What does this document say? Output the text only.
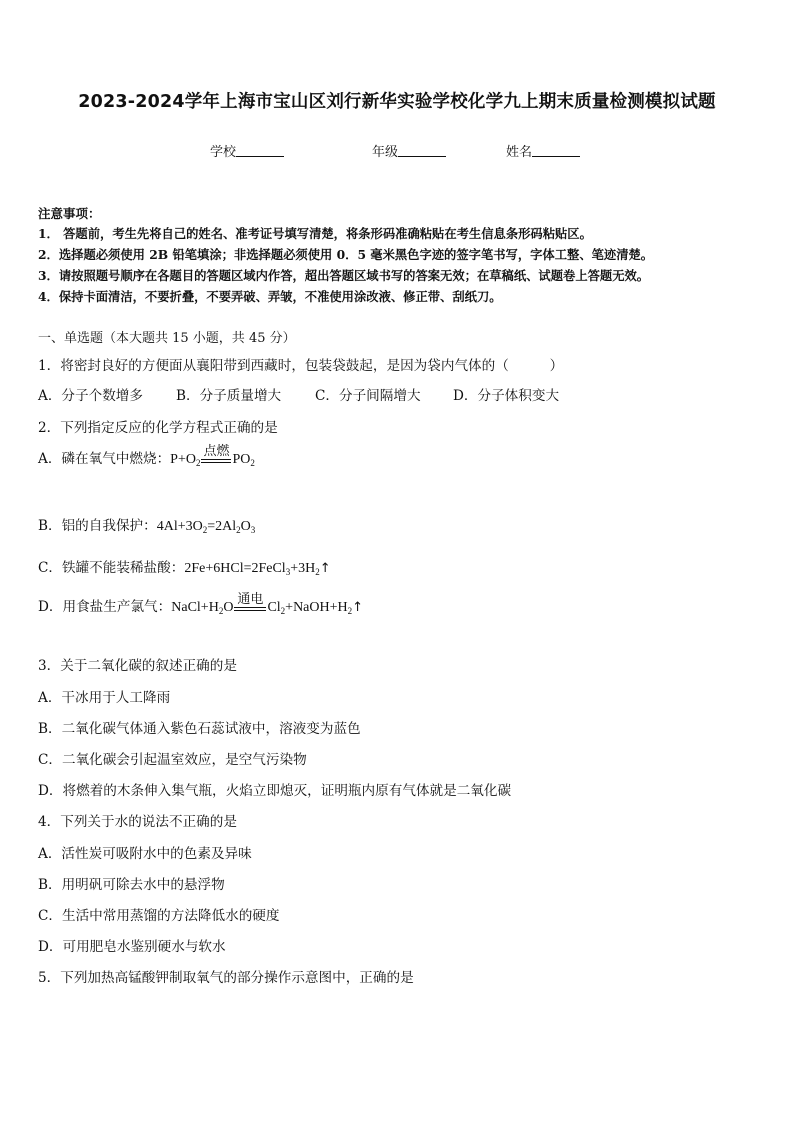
2023-2024学年上海市宝山区刘行新华实验学校化学九上期末质量检测模拟试题
学校	年级	姓名
注意事项：
1． 答题前，考生先将自己的姓名、准考证号填写清楚，将条形码准确粘贴在考生信息条形码粘贴区。
2．选择题必须使用 2B 铅笔填涂；非选择题必须使用 0．5 毫米黑色字迹的签字笔书写，字体工整、笔迹清楚。
3．请按照题号顺序在各题目的答题区域内作答，超出答题区域书写的答案无效；在草稿纸、试题卷上答题无效。
4．保持卡面清洁，不要折叠，不要弄破、弄皱，不准使用涂改液、修正带、刮纸刀。
一、单选题（本大题共 15 小题，共 45 分）
1．将密封良好的方便面从襄阳带到西藏时，包装袋鼓起，是因为袋内气体的（　　　）
A．分子个数增多 B．分子质量增大 C．分子间隔增大 D．分子体积变大
2．下列指定反应的化学方程式正确的是
A．磷在氧气中燃烧：$P+O_2$
点燃
$PO_2$
B．铝的自我保护：$4Al+3O_2=2Al_2O_3$
C．铁罐不能装稀盐酸：$2Fe+6HCl=2FeCl_3+3H_2↑$
D．用食盐生产氯气：$NaCl+H_2O$
通电
$Cl_2+NaOH+H_2↑$
3．关于二氧化碳的叙述正确的是
A．干冰用于人工降雨
B．二氧化碳气体通入紫色石蕊试液中，溶液变为蓝色
C．二氧化碳会引起温室效应，是空气污染物
D．将燃着的木条伸入集气瓶，火焰立即熄灭，证明瓶内原有气体就是二氧化碳
4．下列关于水的说法不正确的是
A．活性炭可吸附水中的色素及异味
B．用明矾可除去水中的悬浮物
C．生活中常用蒸馏的方法降低水的硬度
D．可用肥皂水鉴别硬水与软水
5．下列加热高锰酸钾制取氧气的部分操作示意图中，正确的是
